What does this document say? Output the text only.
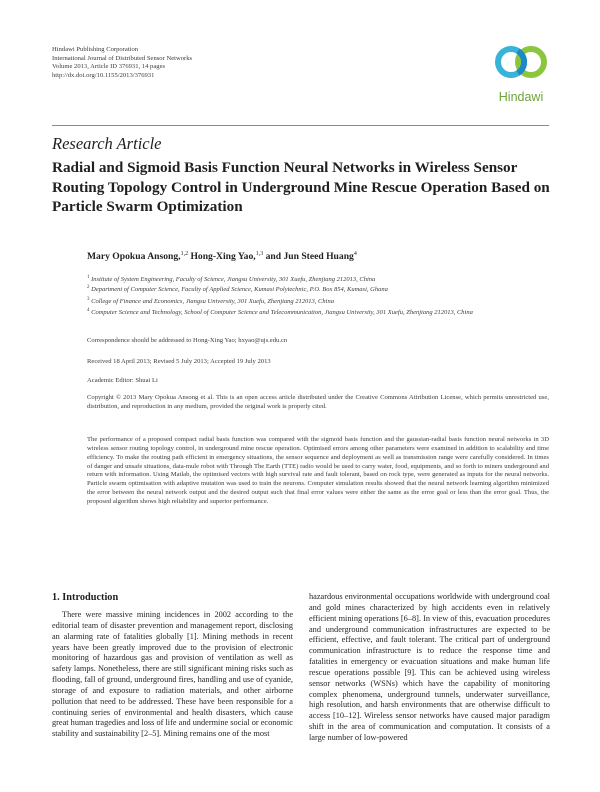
Hindawi Publishing Corporation
International Journal of Distributed Sensor Networks
Volume 2013, Article ID 376931, 14 pages
http://dx.doi.org/10.1155/2013/376931
Hindawi
Research Article
Radial and Sigmoid Basis Function Neural Networks in Wireless Sensor Routing Topology Control in Underground Mine Rescue Operation Based on Particle Swarm Optimization
Mary Opokua Ansong,$^{1,2}$ Hong-Xing Yao,$^{1,3}$ and Jun Steed Huang$^4$
$^1$ Institute of System Engineering, Faculty of Science, Jiangsu University, 301 Xuefu, Zhenjiang 212013, China
$^2$ Department of Computer Science, Faculty of Applied Science, Kumasi Polytechnic, P.O. Box 854, Kumasi, Ghana
$^3$ College of Finance and Economics, Jiangsu University, 301 Xuefu, Zhenjiang 212013, China
$^4$ Computer Science and Technology, School of Computer Science and Telecommunication, Jiangsu University, 301 Xuefu, Zhenjiang 212013, China
Correspondence should be addressed to Hong-Xing Yao; hxyao@ujs.edu.cn
Received 18 April 2013; Revised 5 July 2013; Accepted 19 July 2013
Academic Editor: Shuai Li
Copyright © 2013 Mary Opokua Ansong et al. This is an open access article distributed under the Creative Commons Attribution License, which permits unrestricted use, distribution, and reproduction in any medium, provided the original work is properly cited.
The performance of a proposed compact radial basis function was compared with the sigmoid basis function and the gaussian-radial basis function neural networks in 3D wireless sensor routing topology control, in underground mine rescue operation. Optimised errors among other parameters were examined in addition to scalability and time efficiency. To make the routing path efficient in emergency situations, the sensor sequence and deployment as well as transmission range were carefully considered. In times of danger and unsafe situations, data-mule robot with Through The Earth (TTE) radio would be used to carry water, food, equipments, and so forth to miners underground and return with information. Using Matlab, the optimised vectors with high survival rate and fault tolerant, based on rock type, were generated as inputs for the neural networks. Particle swarm optimisation with adaptive mutation was used to train the neurons. Computer simulation results showed that the neural network learning algorithm minimized the error between the neural network output and the desired output such that final error values were either the same as the error goal or less than the error goal. Thus, the proposed algorithm shows high reliability and superior performance.
1. Introduction
There were massive mining incidences in 2002 according to the editorial team of disaster prevention and management report, disclosing an alarming rate of fatalities globally [1]. Mining methods in recent years have been greatly improved due to the provision of electronic monitoring of hazardous gas and provision of ventilation as well as safety lamps. Nonetheless, there are still significant mining risks such as flooding, fall of ground, underground fires, handling and use of cyanide, storage of and exposure to radiation materials, and other airborne pollution that need to be addressed. These have been responsible for a continuing series of environmental and health disasters, which cause great human tragedies and loss of life and undermine social or economic stability and sustainability [2–5]. Mining remains one of the most
hazardous environmental occupations worldwide with underground coal and gold mines characterized by high accidents even in relatively efficient mining operations [6–8]. In view of this, evacuation procedures and underground communication infrastructures are expected to be efficient, effective, and fault tolerant. The critical part of underground communication infrastructure is to reduce the response time and fatalities in emergency or evacuation situations and make human life rescue operations possible [9]. This can be achieved using wireless sensor networks (WSNs) which have the capability of monitoring complex phenomena, underground tunnels, underwater surveillance, high resolution, and harsh environments that are otherwise difficult to access [10–12]. Wireless sensor networks have caused major paradigm shift in the area of communication and computation. It consists of a large number of low-powered
